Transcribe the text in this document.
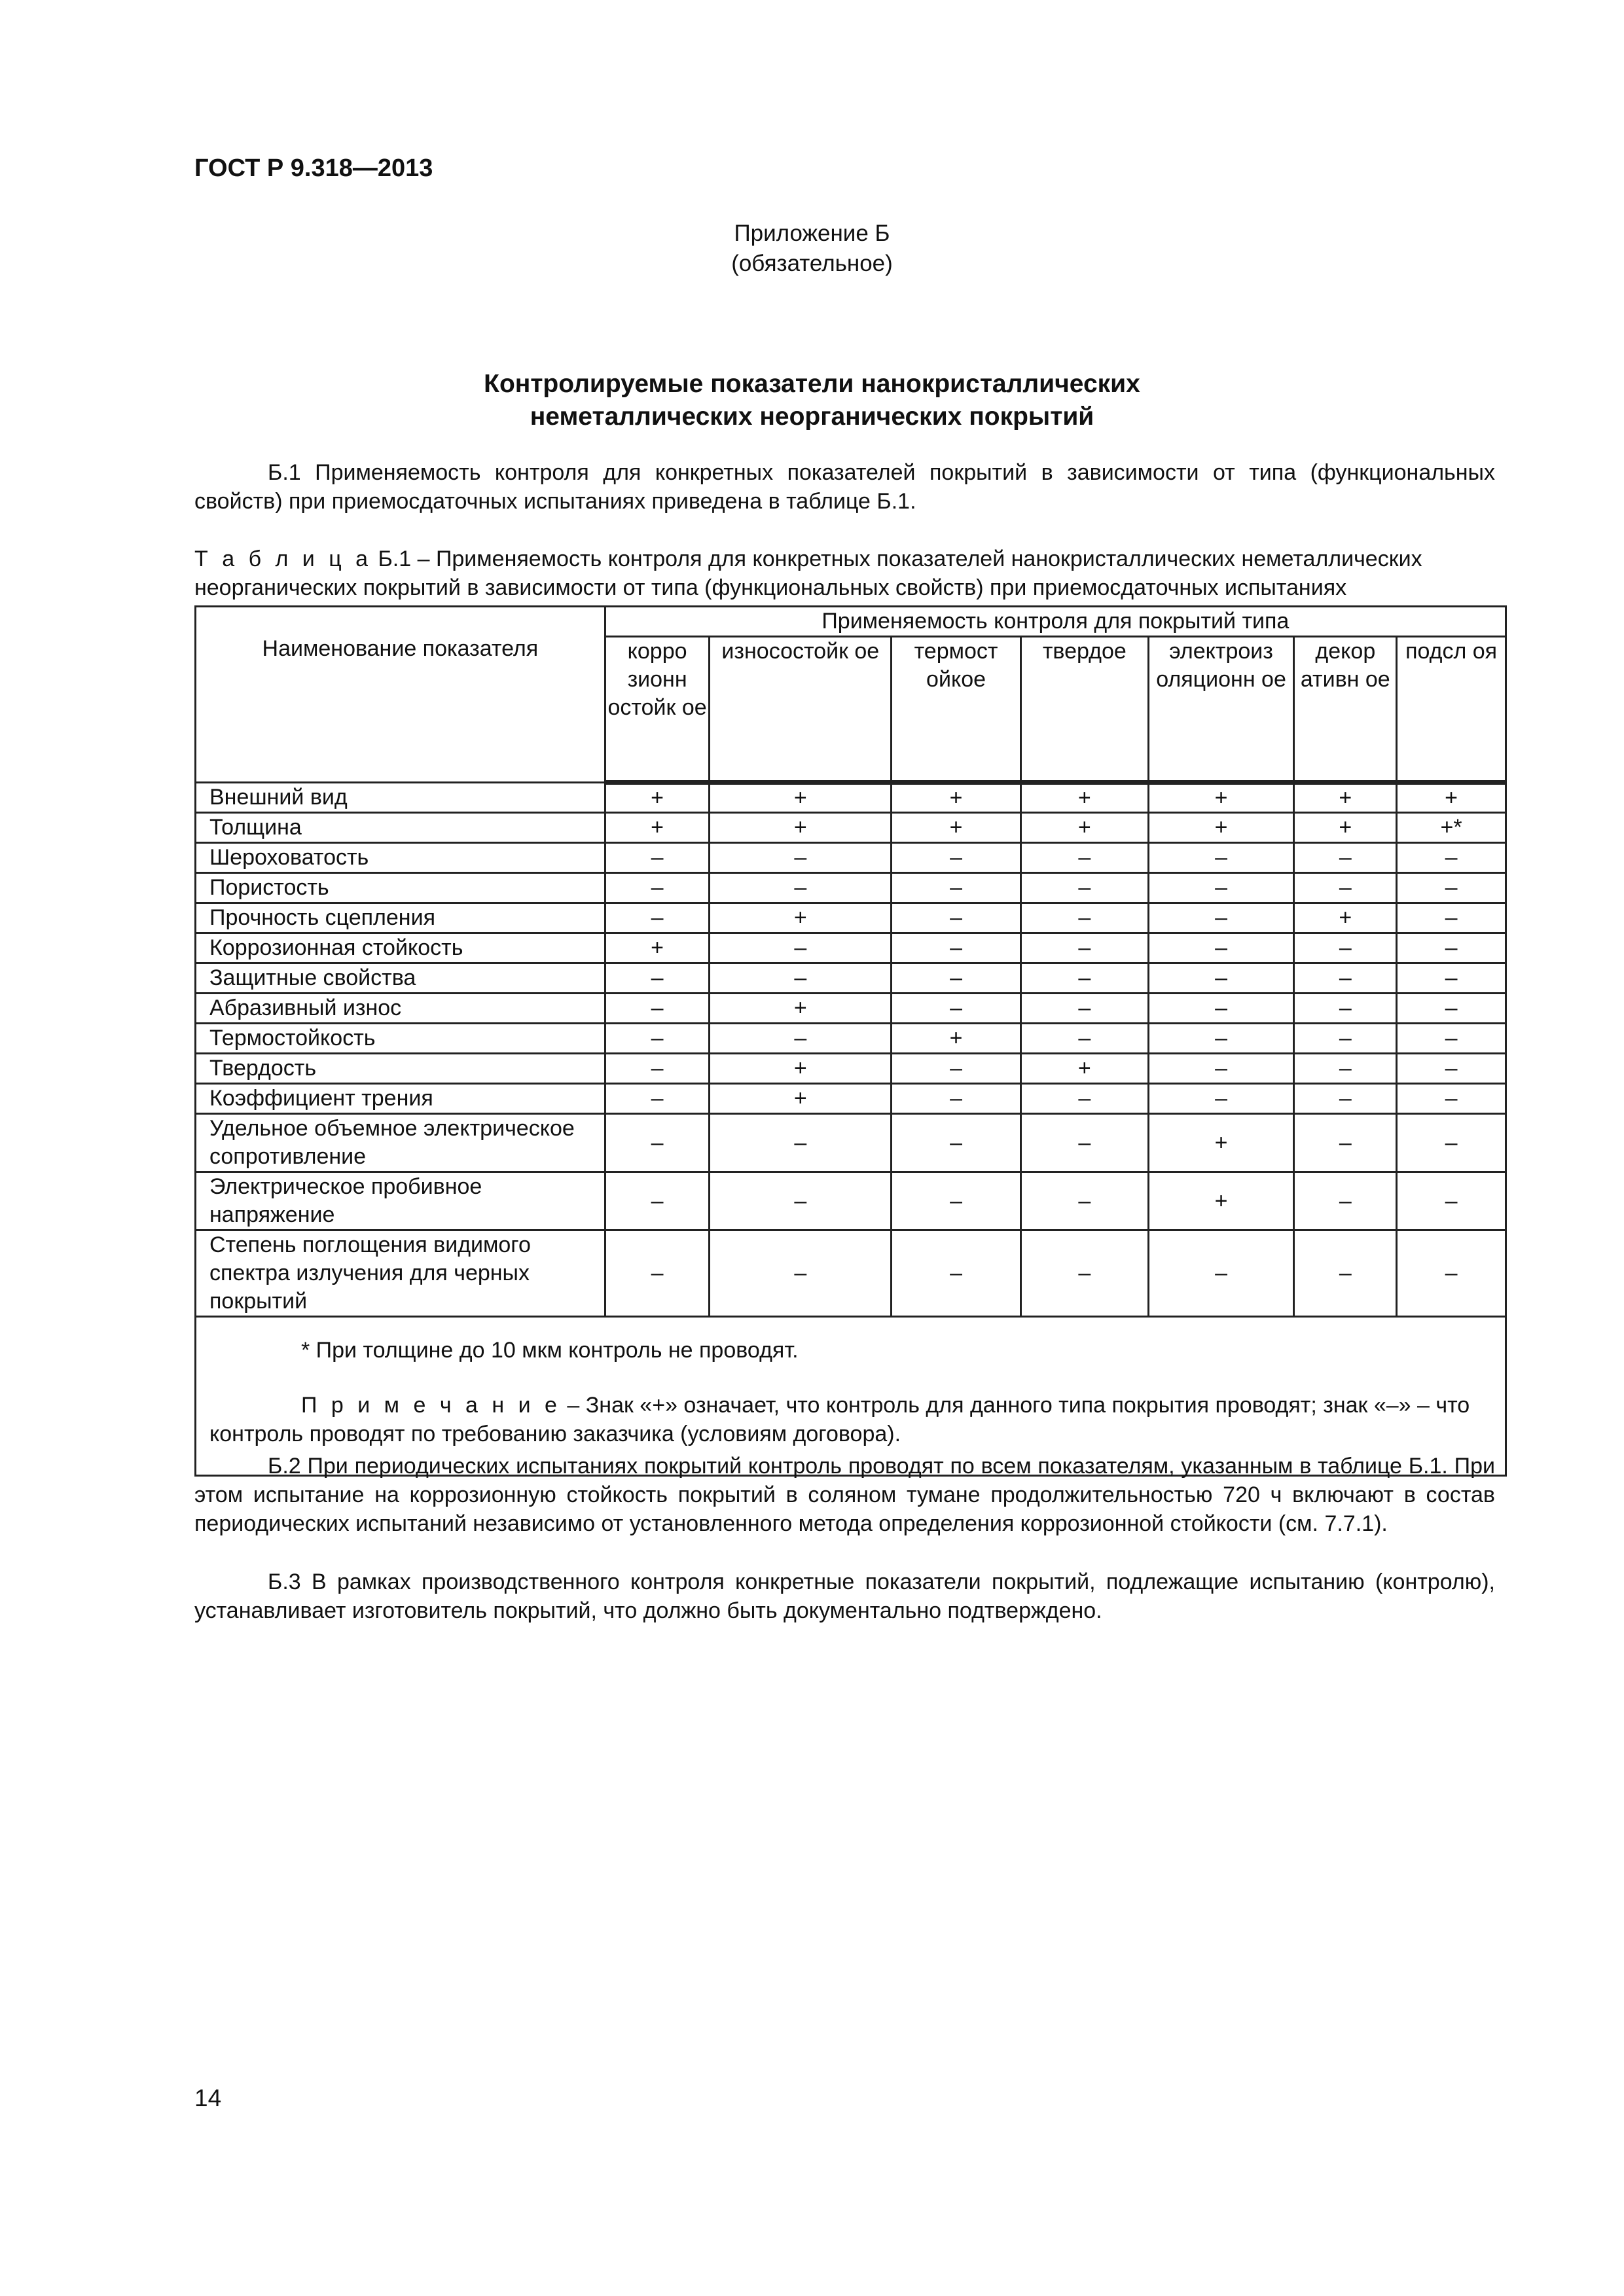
ГОСТ Р 9.318—2013
Приложение Б
(обязательное)
Контролируемые показатели нанокристаллических
неметаллических неорганических покрытий
Б.1 Применяемость контроля для конкретных показателей покрытий в зависимости от типа (функциональных свойств) при приемосдаточных испытаниях приведена в таблице Б.1.
Т а б л и ц а Б.1 – Применяемость контроля для конкретных показателей нанокристаллических неметаллических неорганических покрытий в зависимости от типа (функциональных свойств) при приемосдаточных испытаниях
Наименование показателя	Применяемость контроля для покрытий типа						
	корро зионн остойк ое	износостойк ое	термост ойкое	твердое	электроиз оляционн ое	декор ативн ое	подсл оя
Внешний вид	+	+	+	+	+	+	+
Толщина	+	+	+	+	+	+	+*
Шероховатость	–	–	–	–	–	–	–
Пористость	–	–	–	–	–	–	–
Прочность сцепления	–	+	–	–	–	+	–
Коррозионная стойкость	+	–	–	–	–	–	–
Защитные свойства	–	–	–	–	–	–	–
Абразивный износ	–	+	–	–	–	–	–
Термостойкость	–	–	+	–	–	–	–
Твердость	–	+	–	+	–	–	–
Коэффициент трения	–	+	–	–	–	–	–
Удельное объемное электрическое сопротивление	–	–	–	–	+	–	–
Электрическое пробивное напряжение	–	–	–	–	+	–	–
Степень поглощения видимого спектра излучения для черных покрытий	–	–	–	–	–	–	–

* При толщине до 10 мкм контроль не проводят.

П р и м е ч а н и е – Знак «+» означает, что контроль для данного типа покрытия проводят; знак «–» – что контроль проводят по требованию заказчика (условиям договора).							

Б.2 При периодических испытаниях покрытий контроль проводят по всем показателям, указанным в таблице Б.1. При этом испытание на коррозионную стойкость покрытий в соляном тумане продолжительностью 720 ч включают в состав периодических испытаний независимо от установленного метода определения коррозионной стойкости (см. 7.7.1).
Б.3 В рамках производственного контроля конкретные показатели покрытий, подлежащие испытанию (контролю), устанавливает изготовитель покрытий, что должно быть документально подтверждено.
14
